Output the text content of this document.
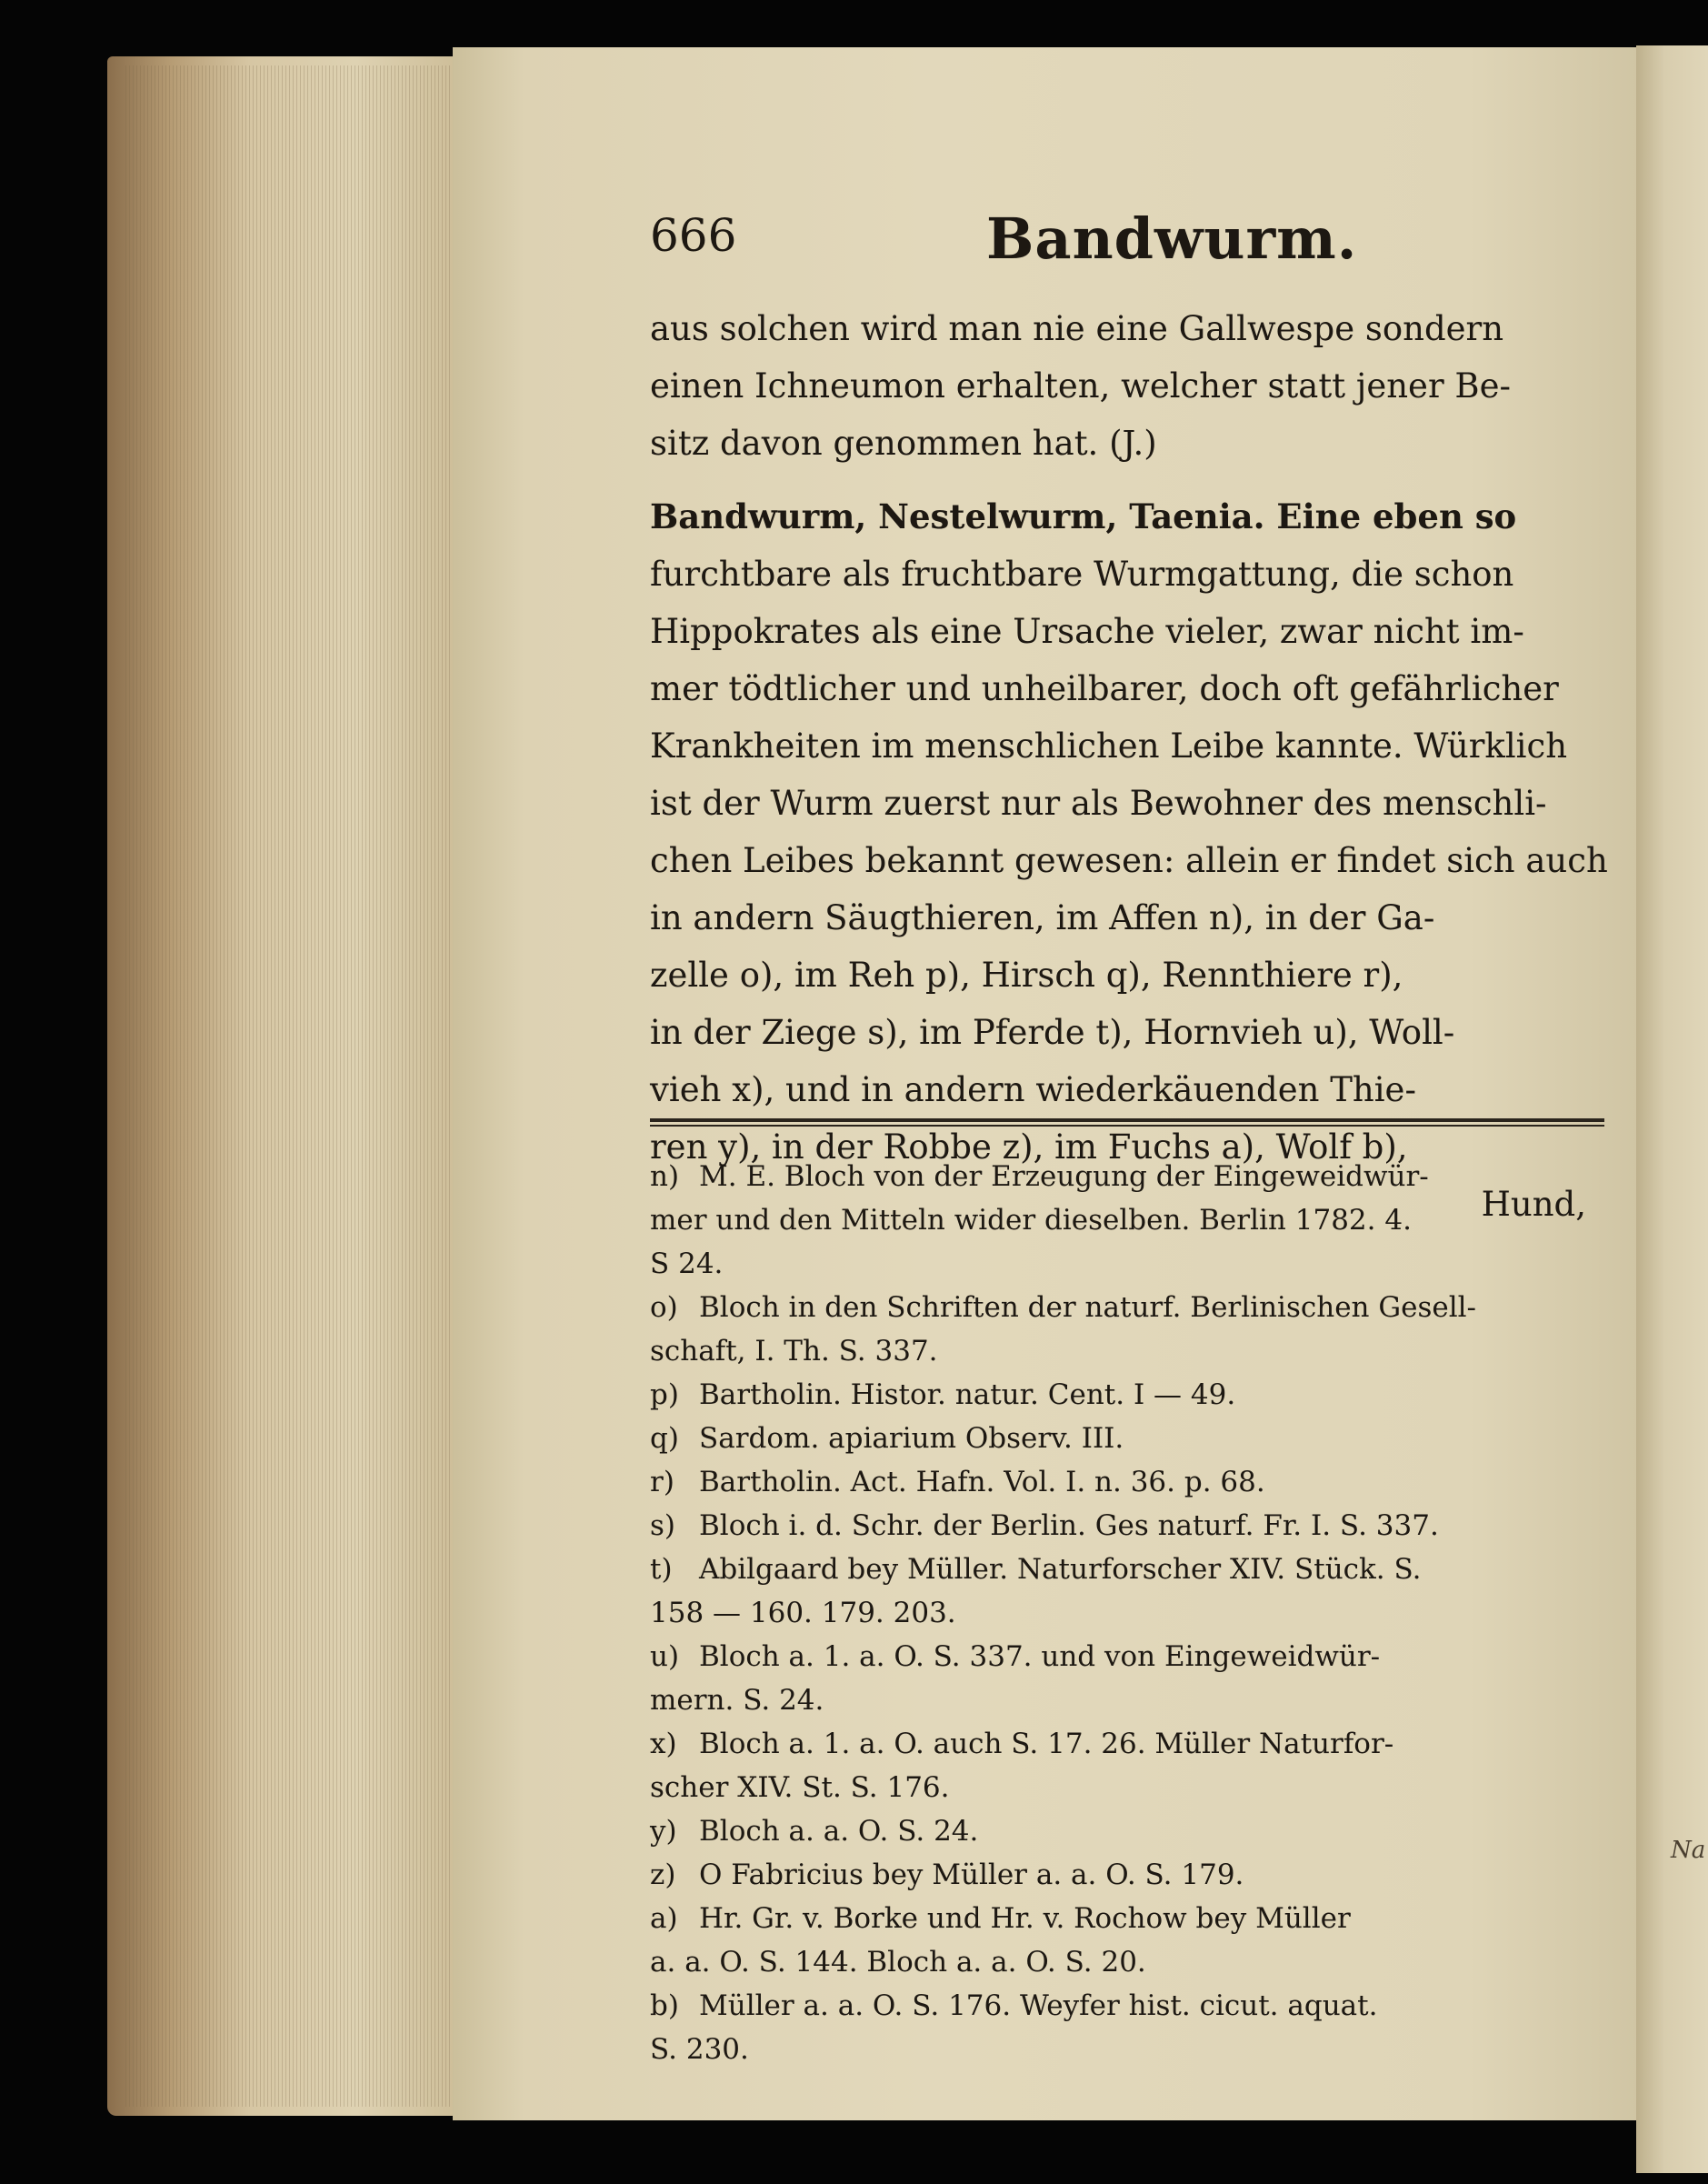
Na
666	Bandwurm.
aus solchen wird man nie eine Gallwespe sondern
einen Ichneumon erhalten, welcher statt jener Be-
sitz davon genommen hat. (J.)
Bandwurm, Nestelwurm, Taenia. Eine eben so
furchtbare als fruchtbare Wurmgattung, die schon
Hippokrates als eine Ursache vieler, zwar nicht im-
mer tödtlicher und unheilbarer, doch oft gefährlicher
Krankheiten im menschlichen Leibe kannte. Würklich
ist der Wurm zuerst nur als Bewohner des menschli-
chen Leibes bekannt gewesen: allein er findet sich auch
in andern Säugthieren, im Affen n), in der Ga-
zelle o), im Reh p), Hirsch q), Rennthiere r),
in der Ziege s), im Pferde t), Hornvieh u), Woll-
vieh x), und in andern wiederkäuenden Thie-
ren y), in der Robbe z), im Fuchs a), Wolf b),
Hund,
n) M. E. Bloch von der Erzeugung der Eingeweidwür-
mer und den Mitteln wider dieselben. Berlin 1782. 4.
S 24.
o) Bloch in den Schriften der naturf. Berlinischen Gesell-
schaft, I. Th. S. 337.
p) Bartholin. Histor. natur. Cent. I — 49.
q) Sardom. apiarium Observ. III.
r) Bartholin. Act. Hafn. Vol. I. n. 36. p. 68.
s) Bloch i. d. Schr. der Berlin. Ges naturf. Fr. I. S. 337.
t) Abilgaard bey Müller. Naturforscher XIV. Stück. S.
158 — 160. 179. 203.
u) Bloch a. 1. a. O. S. 337. und von Eingeweidwür-
mern. S. 24.
x) Bloch a. 1. a. O. auch S. 17. 26. Müller Naturfor-
scher XIV. St. S. 176.
y) Bloch a. a. O. S. 24.
z) O Fabricius bey Müller a. a. O. S. 179.
a) Hr. Gr. v. Borke und Hr. v. Rochow bey Müller
a. a. O. S. 144. Bloch a. a. O. S. 20.
b) Müller a. a. O. S. 176. Weyfer hist. cicut. aquat.
S. 230.
